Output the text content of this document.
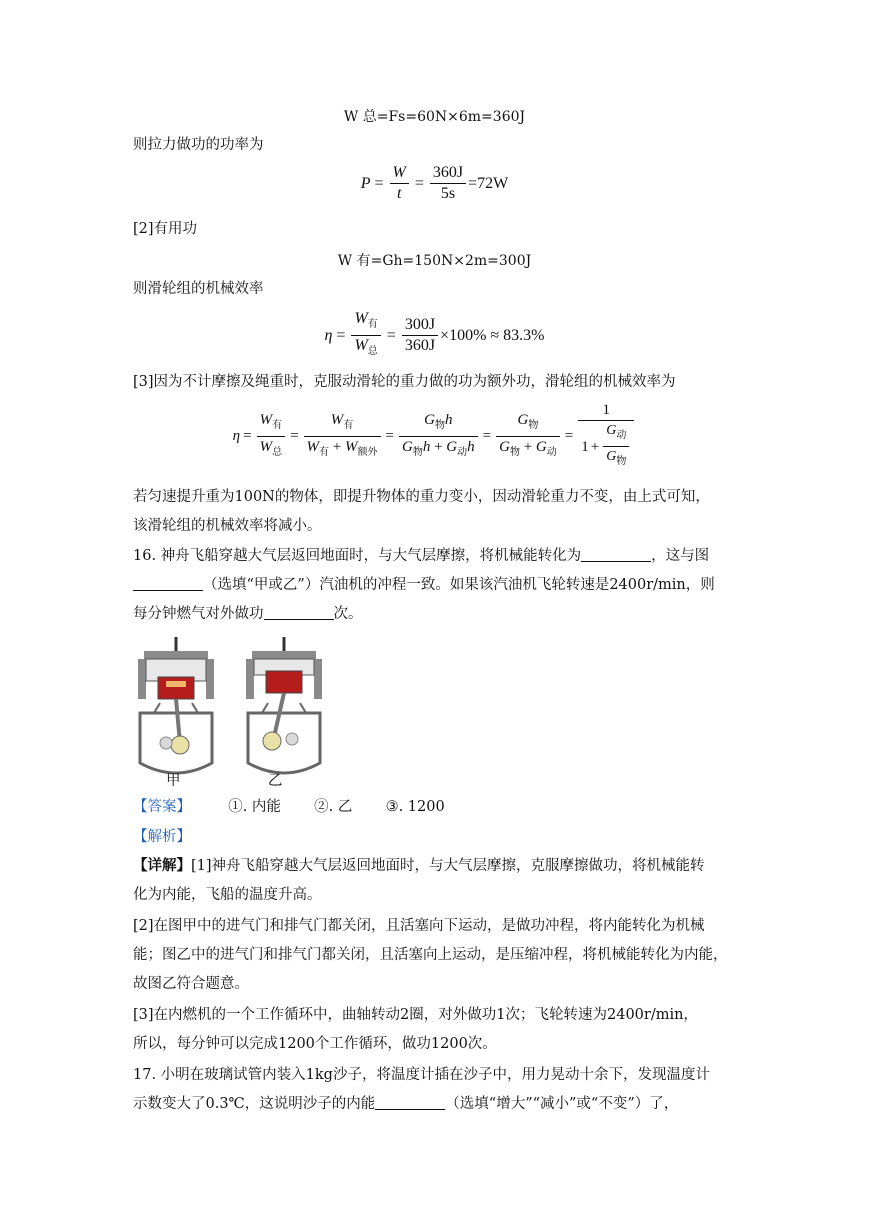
W 总=Fs=60N×6m=360J
则拉力做功的功率为
$P = \frac{W}{t} = \frac{360J}{5s} =72W$
[2]有用功
W 有=Gh=150N×2m=300J
则滑轮组的机械效率
$\eta = \frac{W_有}{W_总} = \frac{300J}{360J} \times 100\% \approx 83.3\%$
[3]因为不计摩擦及绳重时，克服动滑轮的重力做的功为额外功，滑轮组的机械效率为
$\eta = \frac{W_有}{W_总} = \frac{W_有}{W_有 + W_{额外}} = \frac{G_物h}{G_物h + G_动h} = \frac{G_物}{G_物 + G_动} = \frac{1}{1 + \frac{G_动}{G_物}}$
若匀速提升重为100N的物体，即提升物体的重力变小，因动滑轮重力不变，由上式可知，
该滑轮组的机械效率将减小。
16. 神舟飞船穿越大气层返回地面时，与大气层摩擦，将机械能转化为	，这与图
（选填“甲或乙”）汽油机的冲程一致。如果该汽油机飞轮转速是2400r/min，则
每分钟燃气对外做功	次。
甲	乙
【答案】	①. 内能 ②. 乙 ③. 1200
【解析】
【详解】[1]神舟飞船穿越大气层返回地面时，与大气层摩擦，克服摩擦做功，将机械能转
化为内能，飞船的温度升高。
[2]在图甲中的进气门和排气门都关闭，且活塞向下运动，是做功冲程，将内能转化为机械
能；图乙中的进气门和排气门都关闭，且活塞向上运动，是压缩冲程，将机械能转化为内能，
故图乙符合题意。
[3]在内燃机的一个工作循环中，曲轴转动2圈，对外做功1次；飞轮转速为2400r/min，
所以，每分钟可以完成1200个工作循环，做功1200次。
17. 小明在玻璃试管内装入1kg沙子，将温度计插在沙子中，用力晃动十余下，发现温度计
示数变大了0.3℃，这说明沙子的内能	（选填“增大”“减小”或“不变”）了，
